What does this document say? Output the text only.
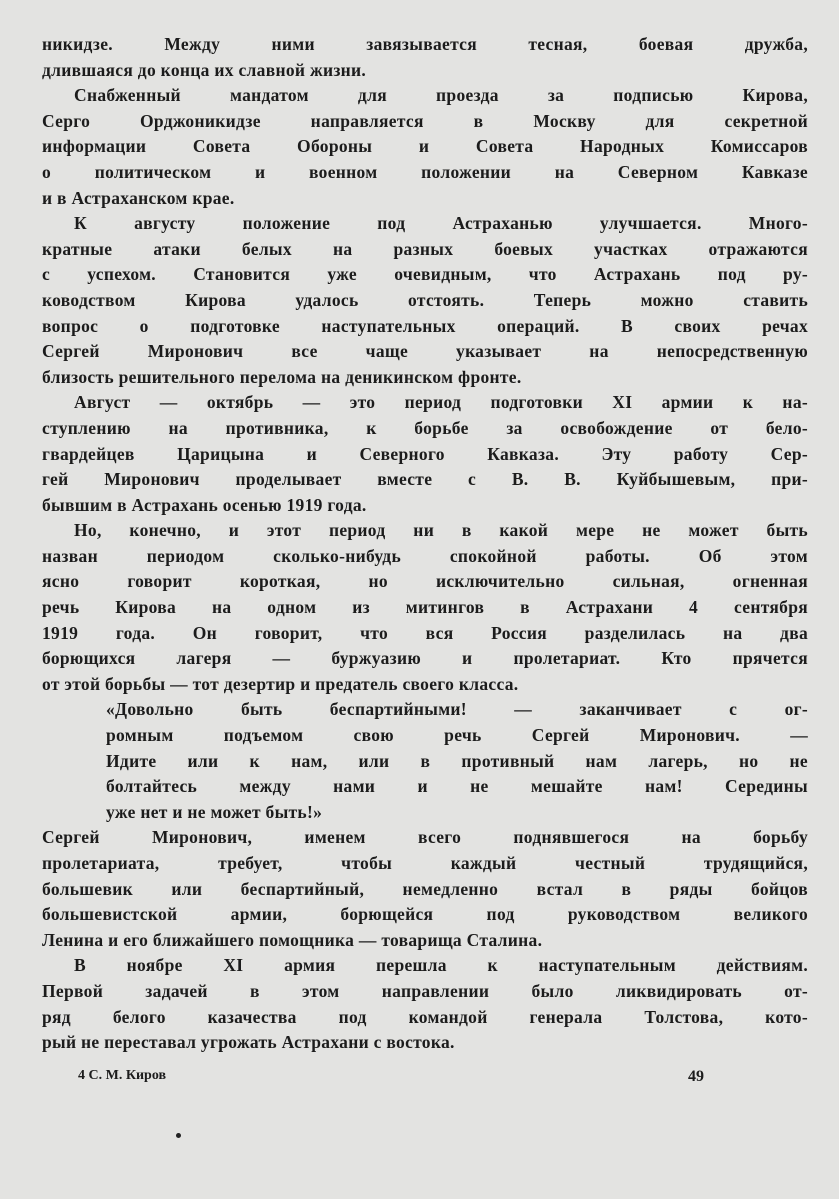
никидзе. Между ними завязывается тесная, боевая дружба,
длившаяся до конца их славной жизни.
Снабженный мандатом для проезда за подписью Кирова,
Серго Орджоникидзе направляется в Москву для секретной
информации Совета Обороны и Совета Народных Комиссаров
о политическом и военном положении на Северном Кавказе
и в Астраханском крае.
К августу положение под Астраханью улучшается. Много-
кратные атаки белых на разных боевых участках отражаются
с успехом. Становится уже очевидным, что Астрахань под ру-
ководством Кирова удалось отстоять. Теперь можно ставить
вопрос о подготовке наступательных операций. В своих речах
Сергей Миронович все чаще указывает на непосредственную
близость решительного перелома на деникинском фронте.
Август — октябрь — это период подготовки XI армии к на-
ступлению на противника, к борьбе за освобождение от бело-
гвардейцев Царицына и Северного Кавказа. Эту работу Сер-
гей Миронович проделывает вместе с В. В. Куйбышевым, при-
бывшим в Астрахань осенью 1919 года.
Но, конечно, и этот период ни в какой мере не может быть
назван периодом сколько-нибудь спокойной работы. Об этом
ясно говорит короткая, но исключительно сильная, огненная
речь Кирова на одном из митингов в Астрахани 4 сентября
1919 года. Он говорит, что вся Россия разделилась на два
борющихся лагеря — буржуазию и пролетариат. Кто прячется
от этой борьбы — тот дезертир и предатель своего класса.
«Довольно быть беспартийными! — заканчивает с ог-
ромным подъемом свою речь Сергей Миронович. —
Идите или к нам, или в противный нам лагерь, но не
болтайтесь между нами и не мешайте нам! Середины
уже нет и не может быть!»
Сергей Миронович, именем всего поднявшегося на борьбу
пролетариата, требует, чтобы каждый честный трудящийся,
большевик или беспартийный, немедленно встал в ряды бойцов
большевистской армии, борющейся под руководством великого
Ленина и его ближайшего помощника — товарища Сталина.
В ноябре XI армия перешла к наступательным действиям.
Первой задачей в этом направлении было ликвидировать от-
ряд белого казачества под командой генерала Толстова, кото-
рый не переставал угрожать Астрахани с востока.
4 С. М. Киров	49
